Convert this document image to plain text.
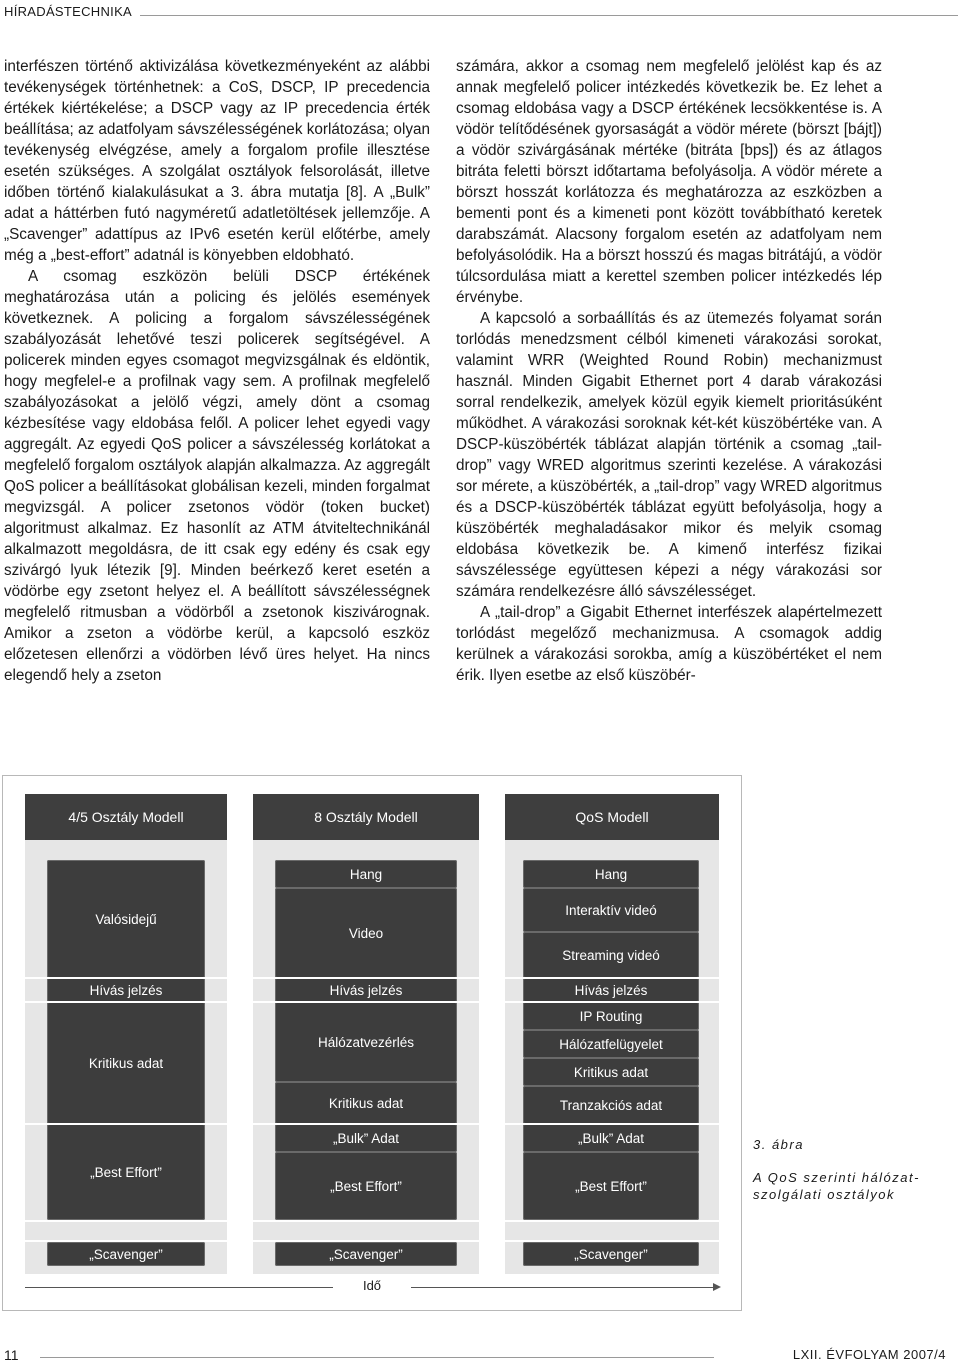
HÍRADÁSTECHNIKA

interfészen történő aktivizálása következményeként az alábbi tevékenységek történhetnek: a CoS, DSCP, IP precedencia értékek kiértékelése; a DSCP vagy az IP precedencia érték beállítása; az adatfolyam sávszélességének korlátozása; olyan tevékenység elvégzése, amely a forgalom profile illesztése esetén szükséges. A szolgálat osztályok felsorolását, illetve időben történő kialakulásukat a 3. ábra mutatja [8]. A „Bulk” adat a háttérben futó nagyméretű adatletöltések jellemzője. A „Scavenger” adattípus az IPv6 esetén kerül előtérbe, amely még a „best-effort” adatnál is könyebben eldobható.

A csomag eszközön belüli DSCP értékének meghatározása után a policing és jelölés események következnek. A policing a forgalom sávszélességének szabályozását lehetővé teszi policerek segítségével. A policerek minden egyes csomagot megvizsgálnak és eldöntik, hogy megfelel-e a profilnak vagy sem. A profilnak megfelelő szabályozásokat a jelölő végzi, amely dönt a csomag kézbesítése vagy eldobása felől. A policer lehet egyedi vagy aggregált. Az egyedi QoS policer a sávszélesség korlátokat a megfelelő forgalom osztályok alapján alkalmazza. Az aggregált QoS policer a beállításokat globálisan kezeli, minden forgalmat megvizsgál. A policer zsetonos vödör (token bucket) algoritmust alkalmaz. Ez hasonlít az ATM átviteltechnikánál alkalmazott megoldásra, de itt csak egy edény és csak egy szivárgó lyuk létezik [9]. Minden beérkező keret esetén a vödörbe egy zsetont helyez el. A beállított sávszélességnek megfelelő ritmusban a vödörből a zsetonok kiszivárognak. Amikor a zseton a vödörbe kerül, a kapcsoló eszköz előzetesen ellenőrzi a vödörben lévő üres helyet. Ha nincs elegendő hely a zseton

számára, akkor a csomag nem megfelelő jelölést kap és az annak megfelelő policer intézkedés következik be. Ez lehet a csomag eldobása vagy a DSCP értékének lecsökkentése is. A vödör telítődésének gyorsaságát a vödör mérete (börszt [bájt]) a vödör szivárgásának mértéke (bitráta [bps]) és az átlagos bitráta feletti börszt időtartama befolyásolja. A vödör mérete a börszt hosszát korlátozza és meghatározza az eszközben a bementi pont és a kimeneti pont között továbbítható keretek darabszámát. Alacsony forgalom esetén az adatfolyam nem befolyásolódik. Ha a börszt hosszú és magas bitrátájú, a vödör túlcsordulása miatt a kerettel szemben policer intézkedés lép érvénybe.

A kapcsoló a sorbaállítás és az ütemezés folyamat során torlódás menedzsment célból kimeneti várakozási sorokat, valamint WRR (Weighted Round Robin) mechanizmust használ. Minden Gigabit Ethernet port 4 darab várakozási sorral rendelkezik, amelyek közül egyik kiemelt prioritásúként működhet. A várakozási soroknak két-két küszöbértéke van. A DSCP-küszöbérték táblázat alapján történik a csomag „tail-drop” vagy WRED algoritmus szerinti kezelése. A várakozási sor mérete, a küszöbérték, a „tail-drop” vagy WRED algoritmus és a DSCP-küszöbérték táblázat együtt befolyásolja, hogy a küszöbérték meghaladásakor mikor és melyik csomag eldobása következik be. A kimenő interfész fizikai sávszélessége együttesen képezi a négy várakozási sor számára rendelkezésre álló sávszélességet.

A „tail-drop” a Gigabit Ethernet interfészek alapértelmezett torlódást megelőző mechanizmusa. A csomagok addig kerülnek a várakozási sorokba, amíg a küszöbértéket el nem érik. Ilyen esetbe az első küszöbér-

4/5 Osztály Modell	8 Osztály Modell	QoS Modell
Valósidejű
Hívás jelzés
Kritikus adat
„Best Effort”
„Scavenger”
Hang
Video
Hívás jelzés
Hálózatvezérlés
Kritikus adat
„Bulk” Adat
„Best Effort”
„Scavenger”
Hang
Interaktív videó
Streaming videó
Hívás jelzés
IP Routing
Hálózatfelügyelet
Kritikus adat
Tranzakciós adat
„Bulk” Adat
„Best Effort”
„Scavenger”
Idő
3. ábra
A QoS szerinti hálózat-szolgálati osztályok
11	LXII. ÉVFOLYAM 2007/4
